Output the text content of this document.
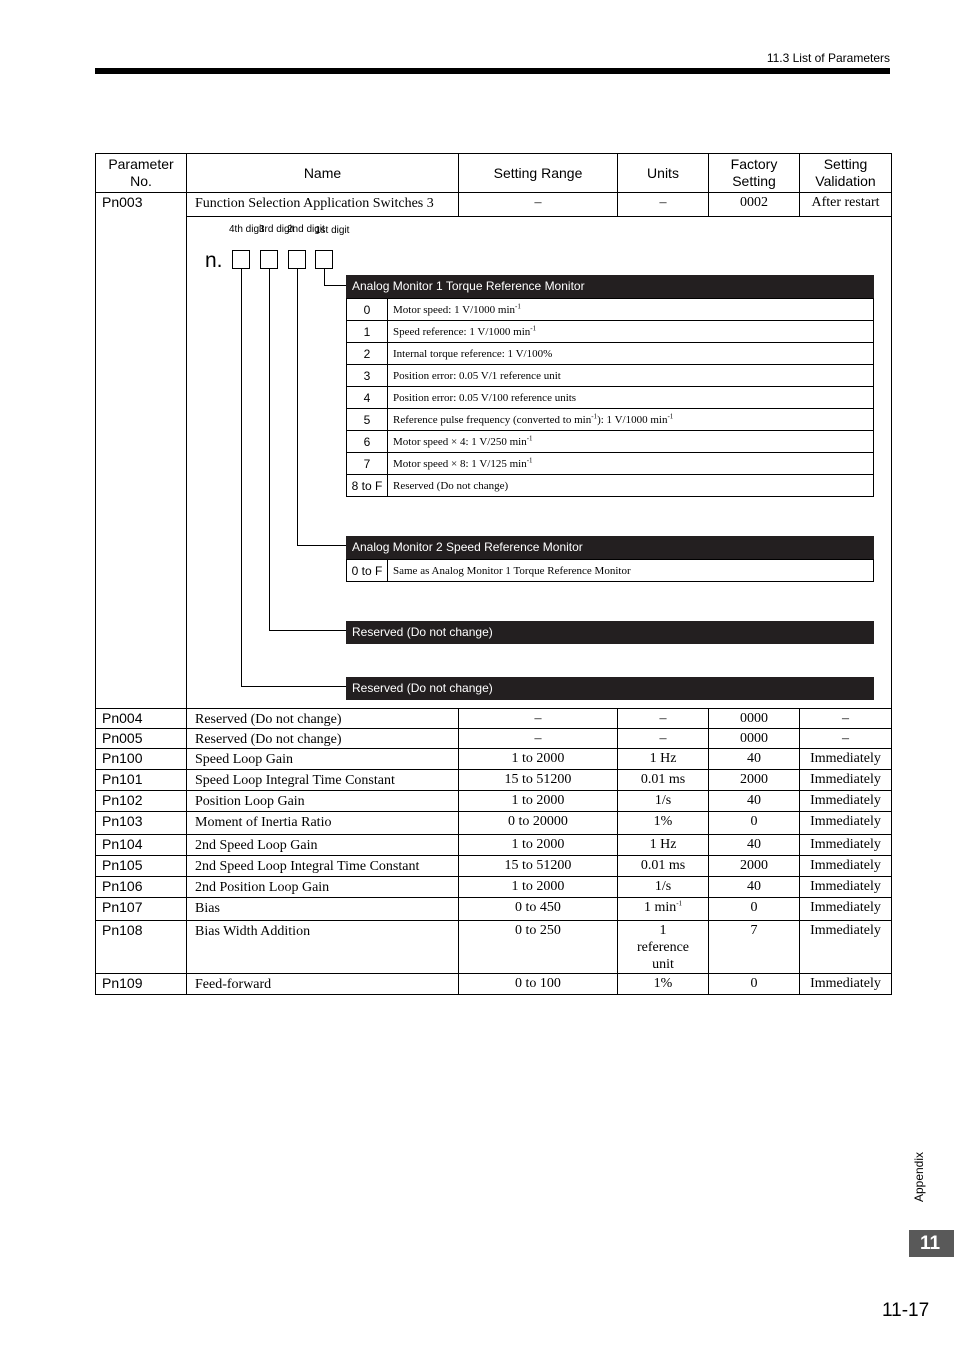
11.3 List of Parameters
Parameter No.	Name	Setting Range	Units	Factory Setting	Setting Validation
Pn003	Function Selection Application Switches 3	–	–	0002	After restart

4th digit
3rd digit
2nd digit
1st digit
n.
Analog Monitor 1 Torque Reference Monitor
0	Motor speed: 1 V/1000 $\min^{-1}$
1	Speed reference: 1 V/1000 $\min^{-1}$
2	Internal torque reference: 1 V/100%
3	Position error: 0.05 V/1 reference unit
4	Position error: 0.05 V/100 reference units
5	Reference pulse frequency (converted to $\min^{-1}$): 1 V/1000 $\min^{-1}$
6	Motor speed × 4: 1 V/250 $\min^{-1}$
7	Motor speed × 8: 1 V/125 $\min^{-1}$
8 to F	Reserved (Do not change)
Analog Monitor 2 Speed Reference Monitor
0 to F	Same as Analog Monitor 1 Torque Reference Monitor
Reserved (Do not change)
Reserved (Do not change)

Pn004	Reserved (Do not change)	–	–	0000	–
Pn005	Reserved (Do not change)	–	–	0000	–
Pn100	Speed Loop Gain	1 to 2000	1 Hz	40	Immediately
Pn101	Speed Loop Integral Time Constant	15 to 51200	0.01 ms	2000	Immediately
Pn102	Position Loop Gain	1 to 2000	1/s	40	Immediately
Pn103	Moment of Inertia Ratio	0 to 20000	1%	0	Immediately
Pn104	2nd Speed Loop Gain	1 to 2000	1 Hz	40	Immediately
Pn105	2nd Speed Loop Integral Time Constant	15 to 51200	0.01 ms	2000	Immediately
Pn106	2nd Position Loop Gain	1 to 2000	1/s	40	Immediately
Pn107	Bias	0 to 450	1 $\min^{-1}$	0	Immediately
Pn108	Bias Width Addition	0 to 250	1 reference unit	7	Immediately
Pn109	Feed-forward	0 to 100	1%	0	Immediately
Appendix
11
11-17
